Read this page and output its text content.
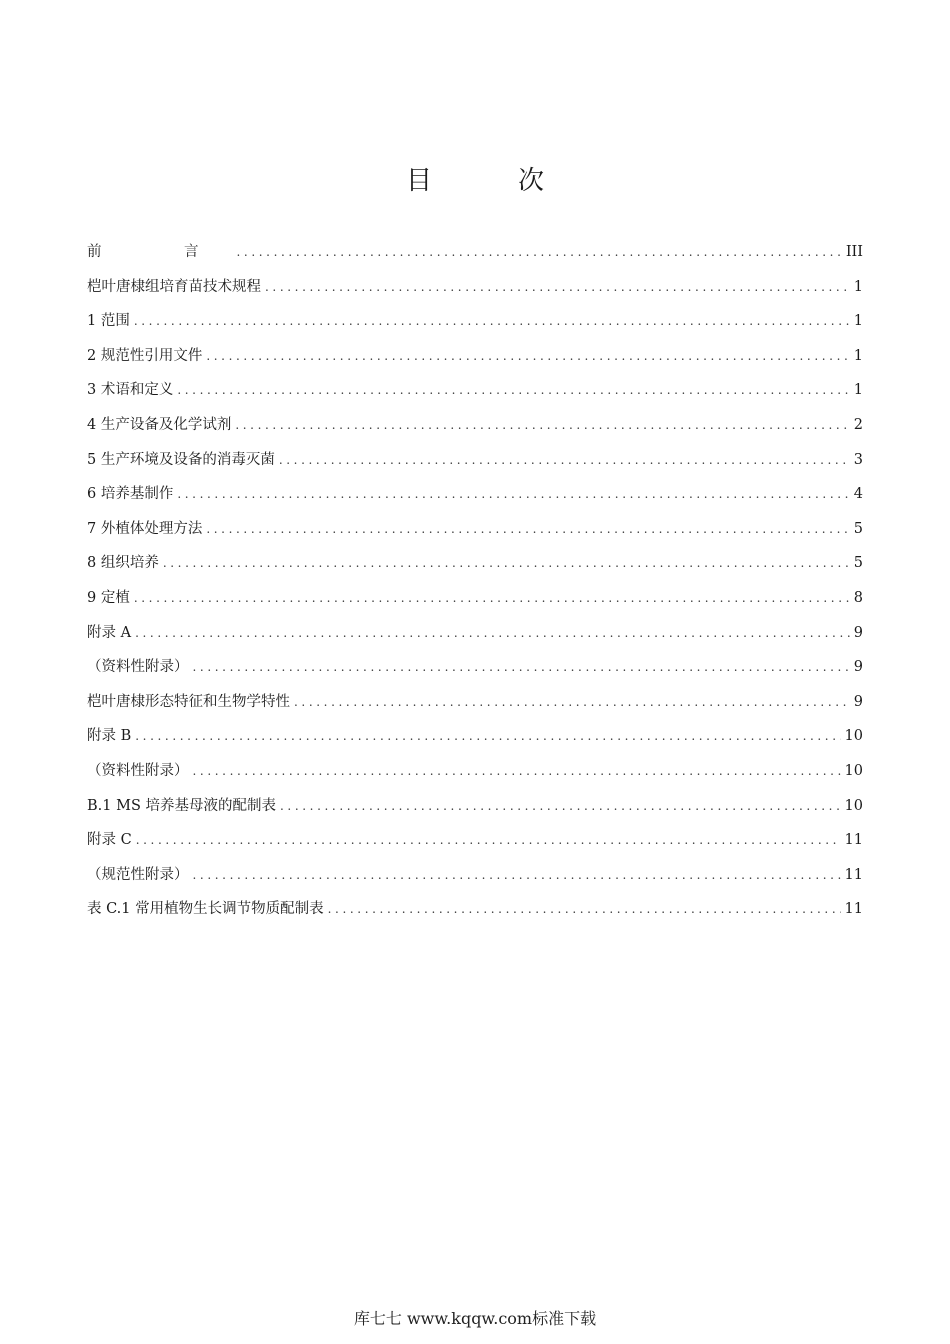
目　次
前　言 .....	III
桤叶唐棣组培育苗技术规程 .....	1
1 范围 .....	1
2 规范性引用文件 .....	1
3 术语和定义 .....	1
4 生产设备及化学试剂 .....	2
5 生产环境及设备的消毒灭菌 .....	3
6 培养基制作 .....	4
7 外植体处理方法 .....	5
8 组织培养 .....	5
9 定植 .....	8
附录 A .....	9
（资料性附录） .....	9
桤叶唐棣形态特征和生物学特性 .....	9
附录 B .....	10
（资料性附录） .....	10
B.1 MS 培养基母液的配制表 .....	10
附录 C .....	11
（规范性附录） .....	11
表 C.1 常用植物生长调节物质配制表 .....	11
库七七 www.kqqw.com标准下载
